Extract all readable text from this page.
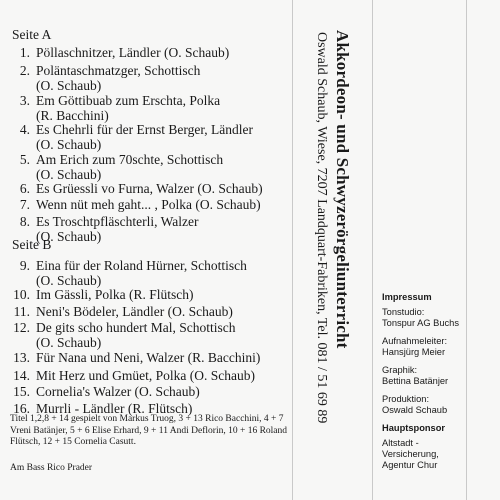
Seite A
1. Pöllaschnitzer, Ländler (O. Schaub)
2. Poläntaschmatzger, Schottisch
(O. Schaub)
3. Em Göttibuab zum Erschta, Polka
(R. Bacchini)
4. Es Chehrli für der Ernst Berger, Ländler
(O. Schaub)
5. Am Erich zum 70schte, Schottisch
(O. Schaub)
6. Es Grüessli vo Furna, Walzer (O. Schaub)
7. Wenn nüt meh gaht... , Polka (O. Schaub)
8. Es Troschtpfläschterli, Walzer
(O. Schaub)
Seite B
9. Eina für der Roland Hürner, Schottisch
(O. Schaub)
10. Im Gässli, Polka (R. Flütsch)
11. Neni's Bödeler, Ländler (O. Schaub)
12. De gits scho hundert Mal, Schottisch
(O. Schaub)
13. Für Nana und Neni, Walzer (R. Bacchini)
14. Mit Herz und Gmüet, Polka (O. Schaub)
15. Cornelia's Walzer (O. Schaub)
16. Murrli - Ländler (R. Flütsch)
Titel 1,2,8 + 14 gespielt von Markus Truog, 3 + 13 Rico Bacchini, 4 + 7 Vreni Batänjer, 5 + 6 Elise Erhard, 9 + 11 Andi Deflorin, 10 + 16 Roland Flütsch, 12 + 15 Cornelia Casutt.
Am Bass Rico Prader
Akkordeon- und Schwyzerörgeliunterricht
Oswald Schaub, Wiese, 7207 Landquart-Fabriken, Tel. 081 / 51 69 89	Impressum
Tonstudio:
Tonspur AG Buchs
Aufnahmeleiter:
Hansjürg Meier
Graphik:
Bettina Batänjer
Produktion:
Oswald Schaub
Hauptsponsor
Altstadt -
Versicherung,
Agentur Chur
